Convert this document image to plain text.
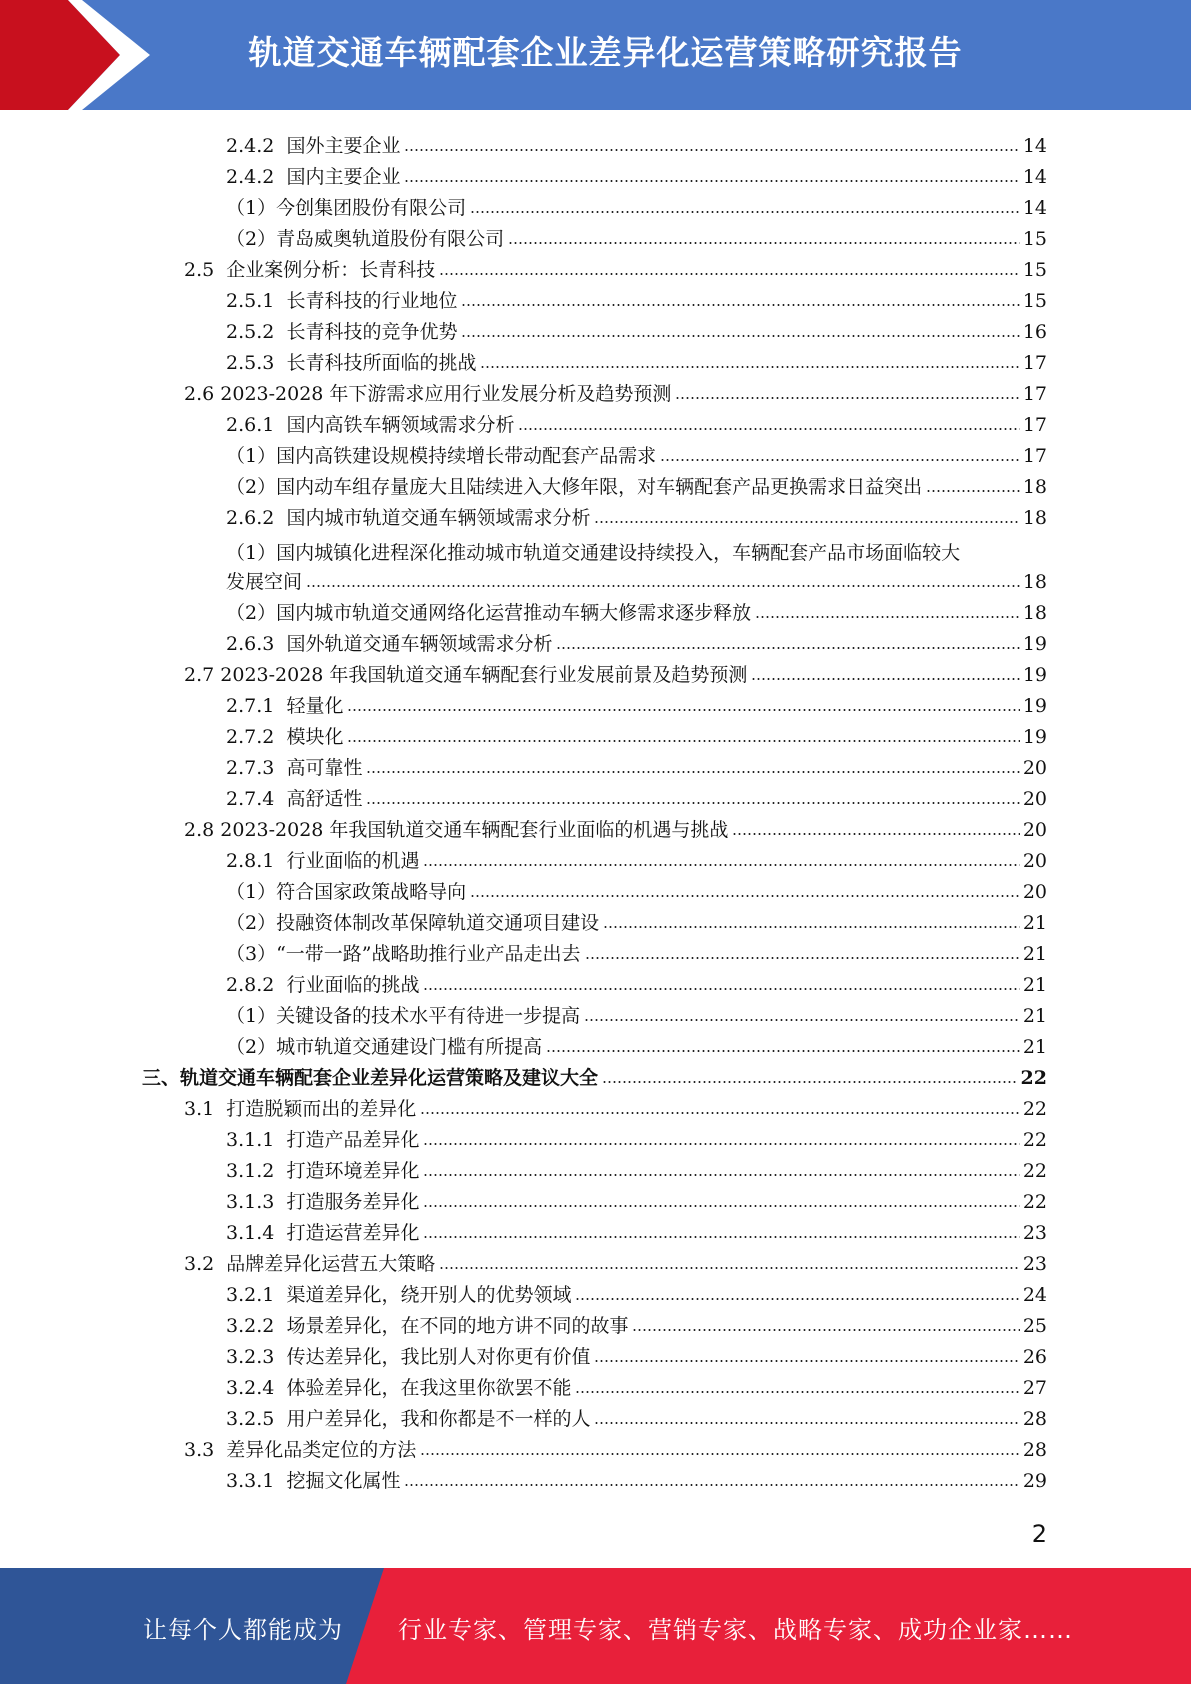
轨道交通车辆配套企业差异化运营策略研究报告
2.4.2 国外主要企业	14
2.4.2 国内主要企业	14
（1） 今创集团股份有限公司	14
（2） 青岛威奥轨道股份有限公司	15
2.5 企业案例分析：长青科技	15
2.5.1 长青科技的行业地位	15
2.5.2 长青科技的竞争优势	16
2.5.3 长青科技所面临的挑战	17
2.6 2023-2028 年下游需求应用行业发展分析及趋势预测	17
2.6.1 国内高铁车辆领域需求分析	17
（1） 国内高铁建设规模持续增长带动配套产品需求	17
（2） 国内动车组存量庞大且陆续进入大修年限，对车辆配套产品更换需求日益突出	18
2.6.2 国内城市轨道交通车辆领域需求分析	18
（1） 国内城镇化进程深化推动城市轨道交通建设持续投入，车辆配套产品市场面临较大
发展空间	18
（2） 国内城市轨道交通网络化运营推动车辆大修需求逐步释放	18
2.6.3 国外轨道交通车辆领域需求分析	19
2.7 2023-2028 年我国轨道交通车辆配套行业发展前景及趋势预测	19
2.7.1 轻量化	19
2.7.2 模块化	19
2.7.3 高可靠性	20
2.7.4 高舒适性	20
2.8 2023-2028 年我国轨道交通车辆配套行业面临的机遇与挑战	20
2.8.1 行业面临的机遇	20
（1） 符合国家政策战略导向	20
（2） 投融资体制改革保障轨道交通项目建设	21
（3） “一带一路”战略助推行业产品走出去	21
2.8.2 行业面临的挑战	21
（1） 关键设备的技术水平有待进一步提高	21
（2） 城市轨道交通建设门槛有所提高	21
三、 轨道交通车辆配套企业差异化运营策略及建议大全	22
3.1 打造脱颖而出的差异化	22
3.1.1 打造产品差异化	22
3.1.2 打造环境差异化	22
3.1.3 打造服务差异化	22
3.1.4 打造运营差异化	23
3.2 品牌差异化运营五大策略	23
3.2.1 渠道差异化，绕开别人的优势领域	24
3.2.2 场景差异化，在不同的地方讲不同的故事	25
3.2.3 传达差异化，我比别人对你更有价值	26
3.2.4 体验差异化，在我这里你欲罢不能	27
3.2.5 用户差异化，我和你都是不一样的人	28
3.3 差异化品类定位的方法	28
3.3.1 挖掘文化属性	29
2
让每个人都能成为 行业专家、管理专家、营销专家、战略专家、成功企业家……
